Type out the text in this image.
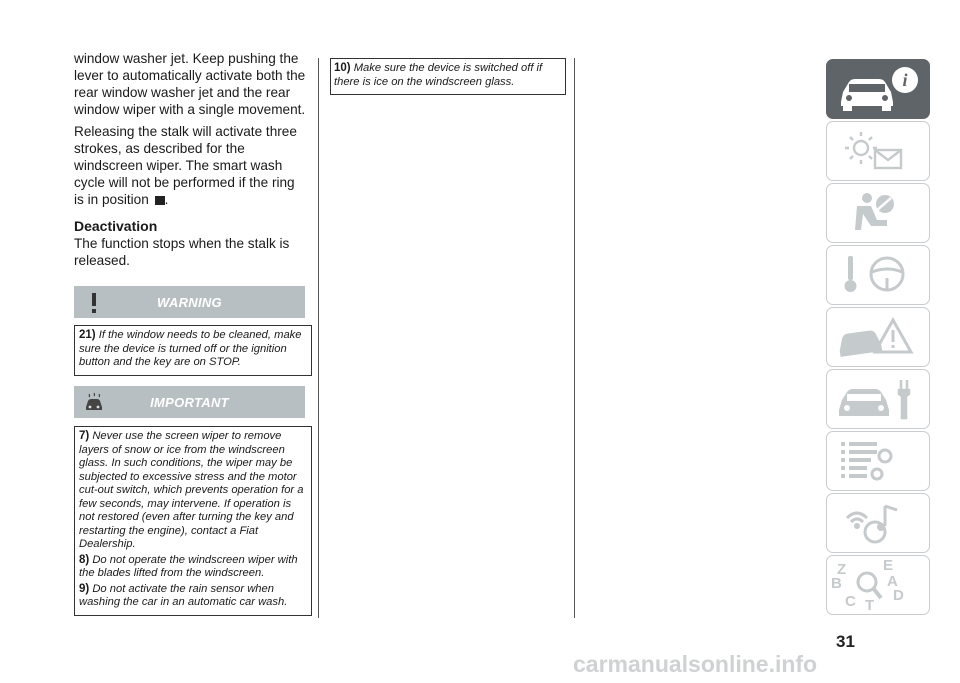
window washer jet. Keep pushing the lever to automatically activate both the rear window washer jet and the rear window wiper with a single movement.

Releasing the stalk will activate three strokes, as described for the windscreen wiper. The smart wash cycle will not be performed if the ring is in position .

Deactivation

The function stops when the stalk is released.

WARNING

21) If the window needs to be cleaned, make sure the device is turned off or the ignition button and the key are on STOP.

IMPORTANT

7) Never use the screen wiper to remove layers of snow or ice from the windscreen glass. In such conditions, the wiper may be subjected to excessive stress and the motor cut-out switch, which prevents operation for a few seconds, may intervene. If operation is not restored (even after turning the key and restarting the engine), contact a Fiat Dealership.

8) Do not operate the windscreen wiper with the blades lifted from the windscreen.

9) Do not activate the rain sensor when washing the car in an automatic car wash.

10) Make sure the device is switched off if there is ice on the windscreen glass.	i
Z E
B	A
C D
T
31
carmanualsonline.info
